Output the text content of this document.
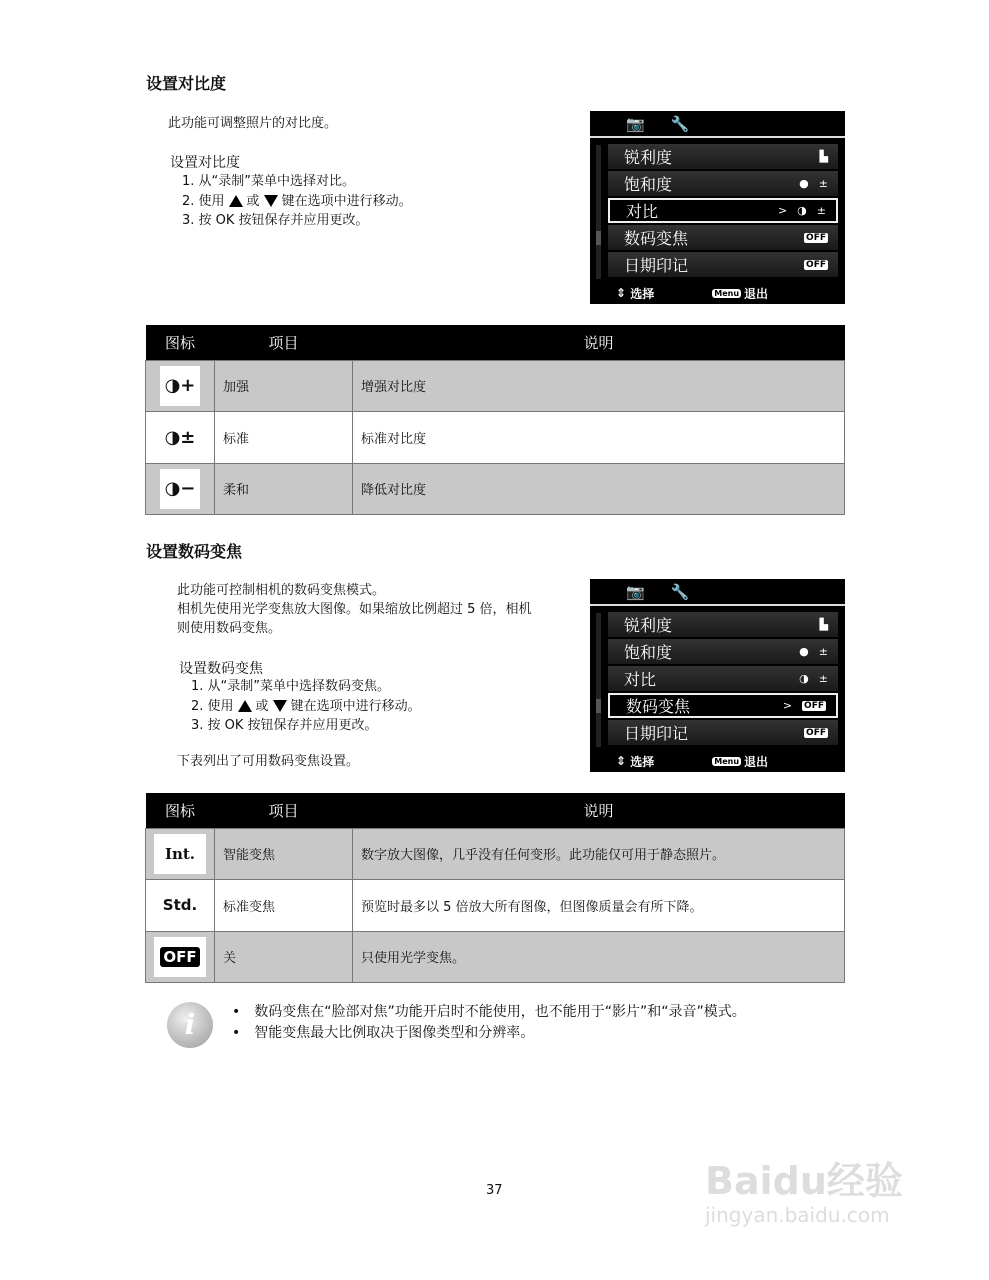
设置对比度
此功能可调整照片的对比度。
设置对比度
1. 从“录制”菜单中选择对比。
2. 使用 或 键在选项中进行移动。
3. 按 OK 按钮保存并应用更改。
📷 🔧
锐利度	▙
饱和度	● ±
对比	> ◑ ±
数码变焦	OFF
日期印记	OFF
⇕
选择	Menu 退出
图标	项目	说明
◑+	加强	增强对比度
◑±	标准	标准对比度
◑−	柔和	降低对比度
设置数码变焦
此功能可控制相机的数码变焦模式。
相机先使用光学变焦放大图像。如果缩放比例超过 5 倍，相机
则使用数码变焦。
设置数码变焦
1. 从“录制”菜单中选择数码变焦。
2. 使用 或 键在选项中进行移动。
3. 按 OK 按钮保存并应用更改。
下表列出了可用数码变焦设置。
📷 🔧
锐利度	▙
饱和度	● ±
对比	◑ ±
数码变焦	> OFF
日期印记	OFF
⇕
选择	Menu 退出
图标	项目	说明
Int.	智能变焦	数字放大图像，几乎没有任何变形。此功能仅可用于静态照片。
Std.	标准变焦	预览时最多以 5 倍放大所有图像，但图像质量会有所下降。

OFF	关	只使用光学变焦。
i	• 数码变焦在“脸部对焦”功能开启时不能使用，也不能用于“影片”和“录音”模式。
• 智能变焦最大比例取决于图像类型和分辨率。
37	Baidu经验
jingyan.baidu.com
